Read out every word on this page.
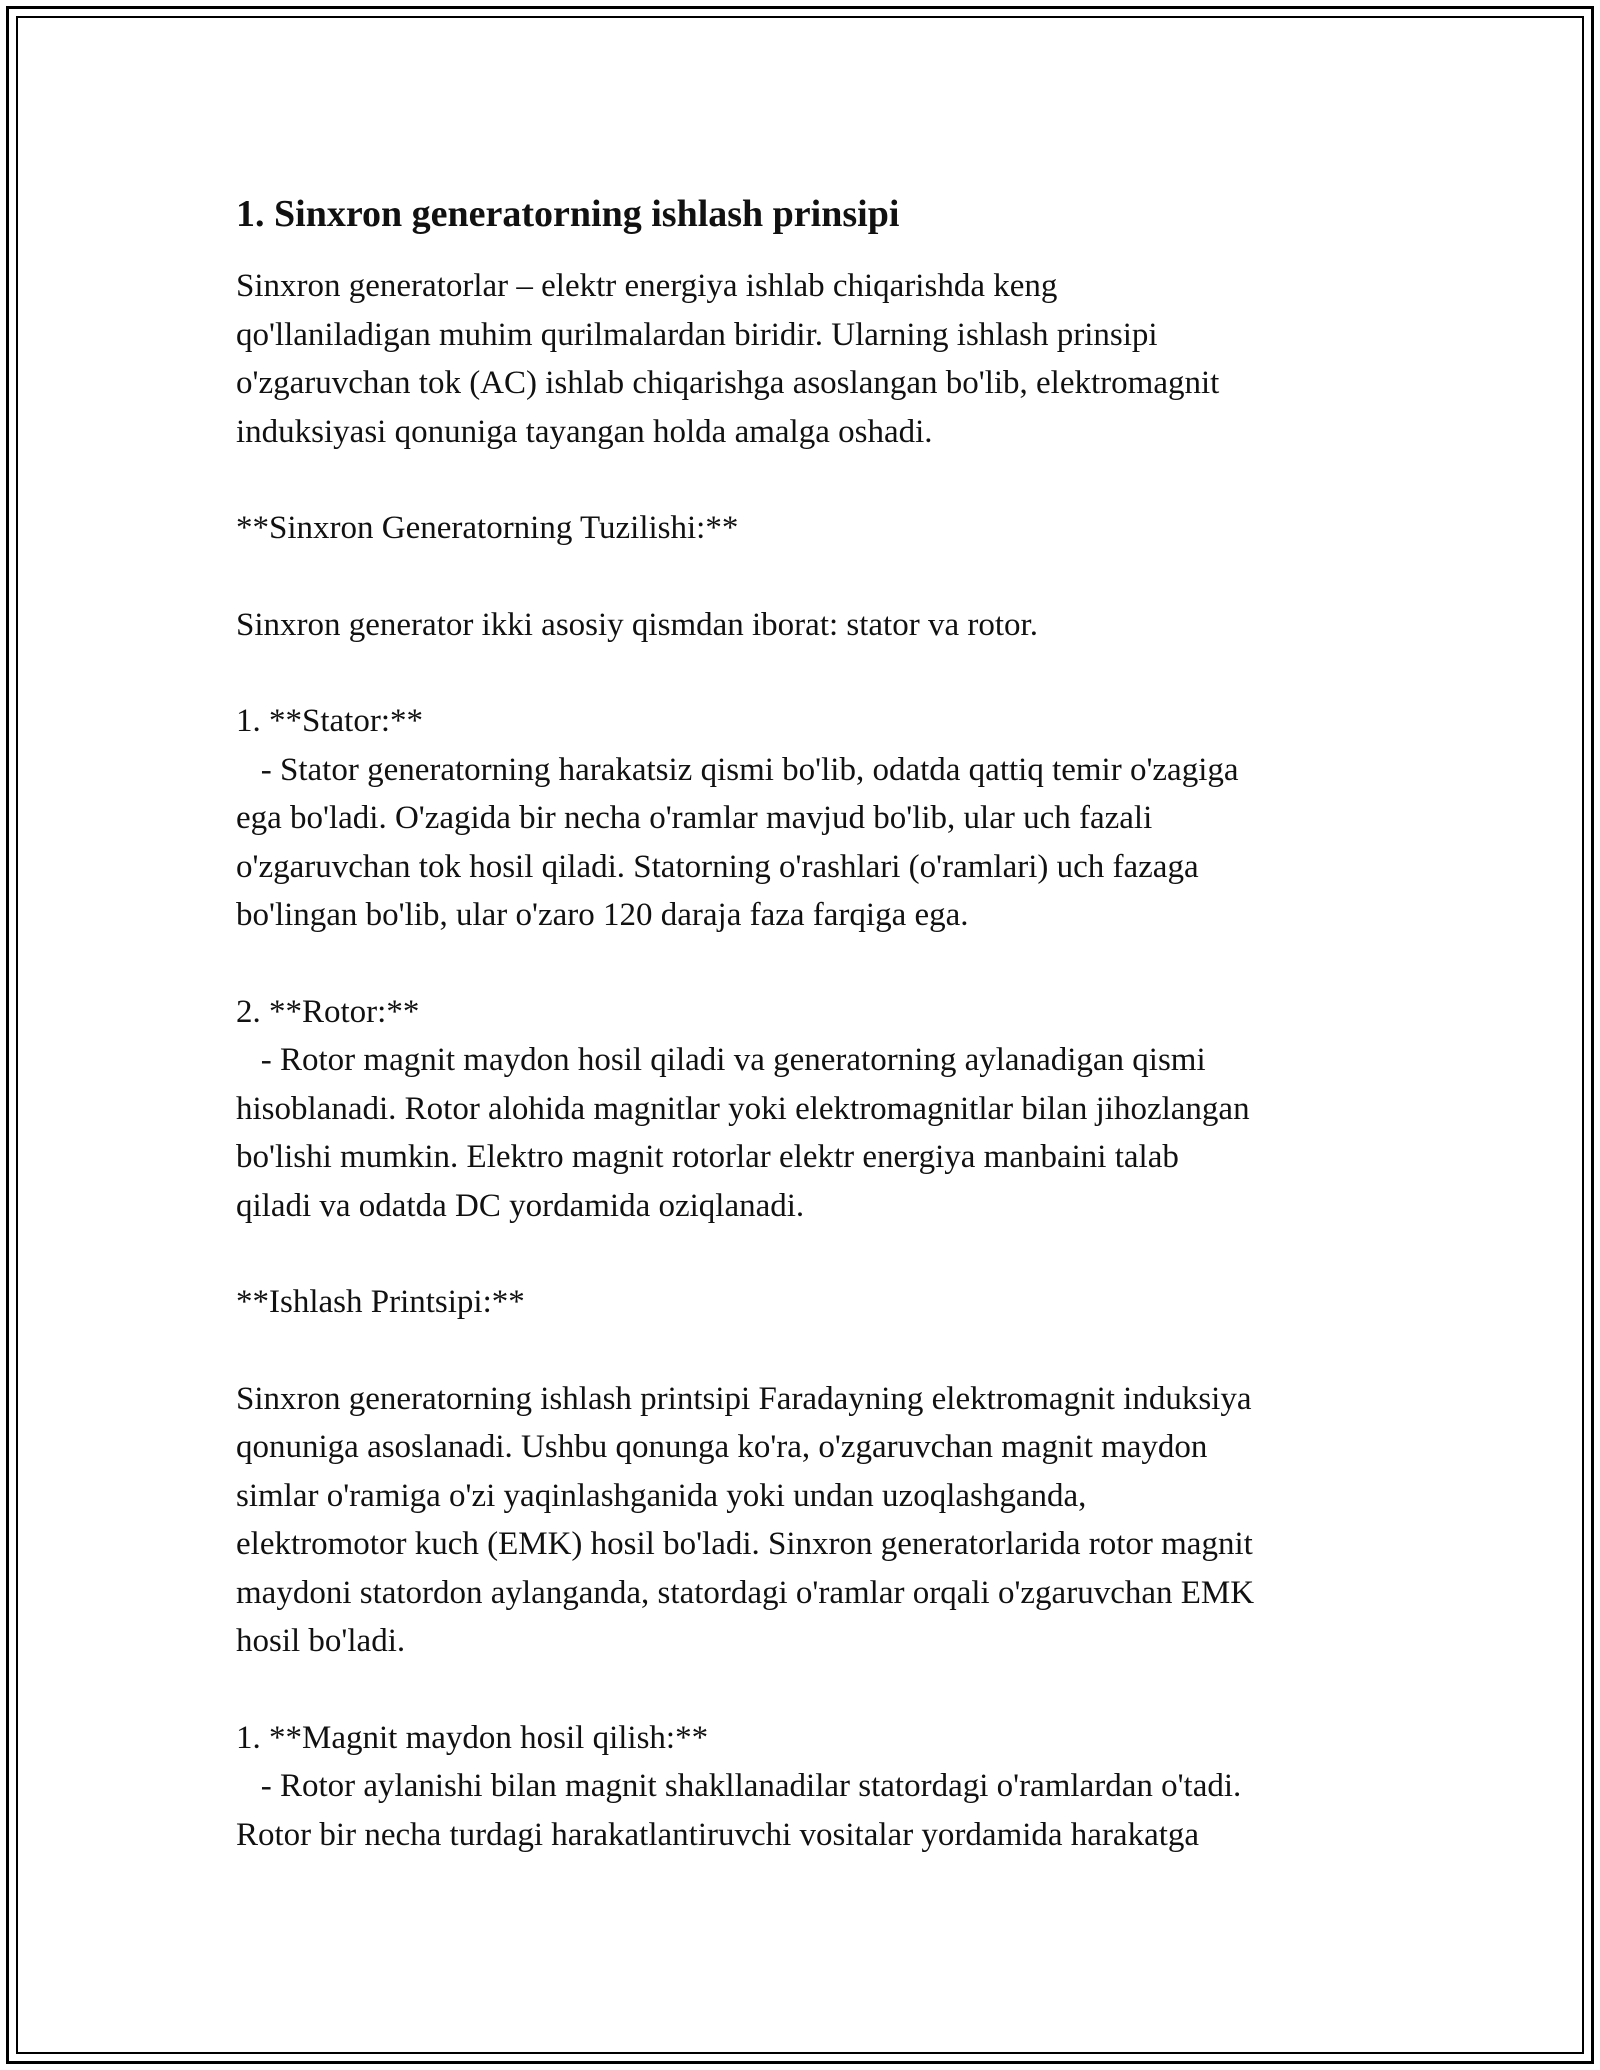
1. Sinxron generatorning ishlash prinsipi

Sinxron generatorlar – elektr energiya ishlab chiqarishda keng
qo'llaniladigan muhim qurilmalardan biridir. Ularning ishlash prinsipi
o'zgaruvchan tok (AC) ishlab chiqarishga asoslangan bo'lib, elektromagnit
induksiyasi qonuniga tayangan holda amalga oshadi.

**Sinxron Generatorning Tuzilishi:**

Sinxron generator ikki asosiy qismdan iborat: stator va rotor.

1. **Stator:**
- Stator generatorning harakatsiz qismi bo'lib, odatda qattiq temir o'zagiga
ega bo'ladi. O'zagida bir necha o'ramlar mavjud bo'lib, ular uch fazali
o'zgaruvchan tok hosil qiladi. Statorning o'rashlari (o'ramlari) uch fazaga
bo'lingan bo'lib, ular o'zaro 120 daraja faza farqiga ega.

2. **Rotor:**
- Rotor magnit maydon hosil qiladi va generatorning aylanadigan qismi
hisoblanadi. Rotor alohida magnitlar yoki elektromagnitlar bilan jihozlangan
bo'lishi mumkin. Elektro magnit rotorlar elektr energiya manbaini talab
qiladi va odatda DC yordamida oziqlanadi.

**Ishlash Printsipi:**

Sinxron generatorning ishlash printsipi Faradayning elektromagnit induksiya
qonuniga asoslanadi. Ushbu qonunga ko'ra, o'zgaruvchan magnit maydon
simlar o'ramiga o'zi yaqinlashganida yoki undan uzoqlashganda,
elektromotor kuch (EMK) hosil bo'ladi. Sinxron generatorlarida rotor magnit
maydoni statordon aylanganda, statordagi o'ramlar orqali o'zgaruvchan EMK
hosil bo'ladi.

1. **Magnit maydon hosil qilish:**
- Rotor aylanishi bilan magnit shakllanadilar statordagi o'ramlardan o'tadi.
Rotor bir necha turdagi harakatlantiruvchi vositalar yordamida harakatga
